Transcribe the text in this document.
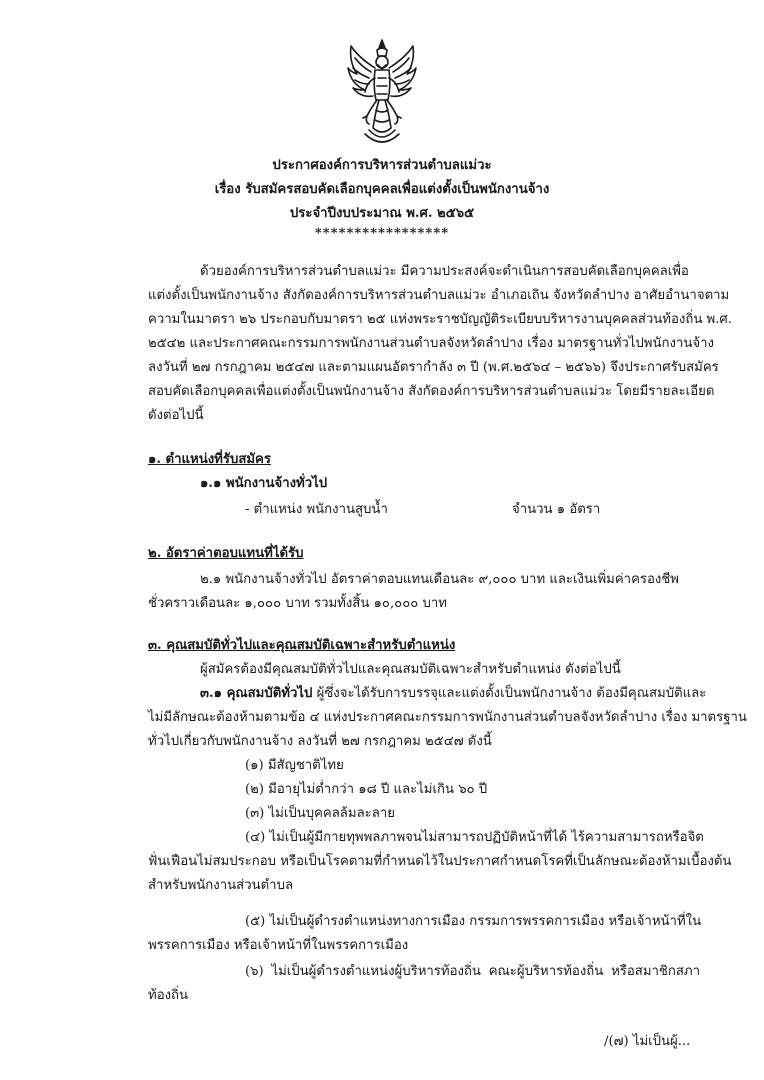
ประกาศองค์การบริหารส่วนตำบลแม่วะ
เรื่อง รับสมัครสอบคัดเลือกบุคคลเพื่อแต่งตั้งเป็นพนักงานจ้าง
ประจำปีงบประมาณ พ.ศ. ๒๕๖๕
*****************
ด้วยองค์การบริหารส่วนตำบลแม่วะ มีความประสงค์จะดำเนินการสอบคัดเลือกบุคคลเพื่อ
แต่งตั้งเป็นพนักงานจ้าง สังกัดองค์การบริหารส่วนตำบลแม่วะ อำเภอเถิน จังหวัดลำปาง อาศัยอำนาจตาม
ความในมาตรา ๒๖ ประกอบกับมาตรา ๒๕ แห่งพระราชบัญญัติระเบียบบริหารงานบุคคลส่วนท้องถิ่น พ.ศ.
๒๕๔๒ และประกาศคณะกรรมการพนักงานส่วนตำบลจังหวัดลำปาง เรื่อง มาตรฐานทั่วไปพนักงานจ้าง
ลงวันที่ ๒๗ กรกฎาคม ๒๕๔๗ และตามแผนอัตรากำลัง ๓ ปี (พ.ศ.๒๕๖๔ – ๒๕๖๖) จึงประกาศรับสมัคร
สอบคัดเลือกบุคคลเพื่อแต่งตั้งเป็นพนักงานจ้าง สังกัดองค์การบริหารส่วนตำบลแม่วะ โดยมีรายละเอียด
ดังต่อไปนี้
๑. ตำแหน่งที่รับสมัคร
๑.๑ พนักงานจ้างทั่วไป
- ตำแหน่ง พนักงานสูบน้ำ	จำนวน ๑ อัตรา
๒. อัตราค่าตอบแทนที่ได้รับ
๒.๑ พนักงานจ้างทั่วไป อัตราค่าตอบแทนเดือนละ ๙,๐๐๐ บาท และเงินเพิ่มค่าครองชีพ
ชั่วคราวเดือนละ ๑,๐๐๐ บาท รวมทั้งสิ้น ๑๐,๐๐๐ บาท
๓. คุณสมบัติทั่วไปและคุณสมบัติเฉพาะสำหรับตำแหน่ง
ผู้สมัครต้องมีคุณสมบัติทั่วไปและคุณสมบัติเฉพาะสำหรับตำแหน่ง ดังต่อไปนี้
๓.๑ คุณสมบัติทั่วไป ผู้ซึ่งจะได้รับการบรรจุและแต่งตั้งเป็นพนักงานจ้าง ต้องมีคุณสมบัติและ
ไม่มีลักษณะต้องห้ามตามข้อ ๔ แห่งประกาศคณะกรรมการพนักงานส่วนตำบลจังหวัดลำปาง เรื่อง มาตรฐาน
ทั่วไปเกี่ยวกับพนักงานจ้าง ลงวันที่ ๒๗ กรกฎาคม ๒๕๔๗ ดังนี้
(๑) มีสัญชาติไทย
(๒) มีอายุไม่ต่ำกว่า ๑๘ ปี และไม่เกิน ๖๐ ปี
(๓) ไม่เป็นบุคคลล้มละลาย
(๔) ไม่เป็นผู้มีกายทุพพลภาพจนไม่สามารถปฏิบัติหน้าที่ได้ ไร้ความสามารถหรือจิต
ฟั่นเฟือนไม่สมประกอบ หรือเป็นโรคตามที่กำหนดไว้ในประกาศกำหนดโรคที่เป็นลักษณะต้องห้ามเบื้องต้น
สำหรับพนักงานส่วนตำบล
(๕) ไม่เป็นผู้ดำรงตำแหน่งทางการเมือง กรรมการพรรคการเมือง หรือเจ้าหน้าที่ใน
พรรคการเมือง หรือเจ้าหน้าที่ในพรรคการเมือง
(๖) ไม่เป็นผู้ดำรงตำแหน่งผู้บริหารท้องถิ่น คณะผู้บริหารท้องถิ่น หรือสมาชิกสภา
ท้องถิ่น
/(๗) ไม่เป็นผู้...
